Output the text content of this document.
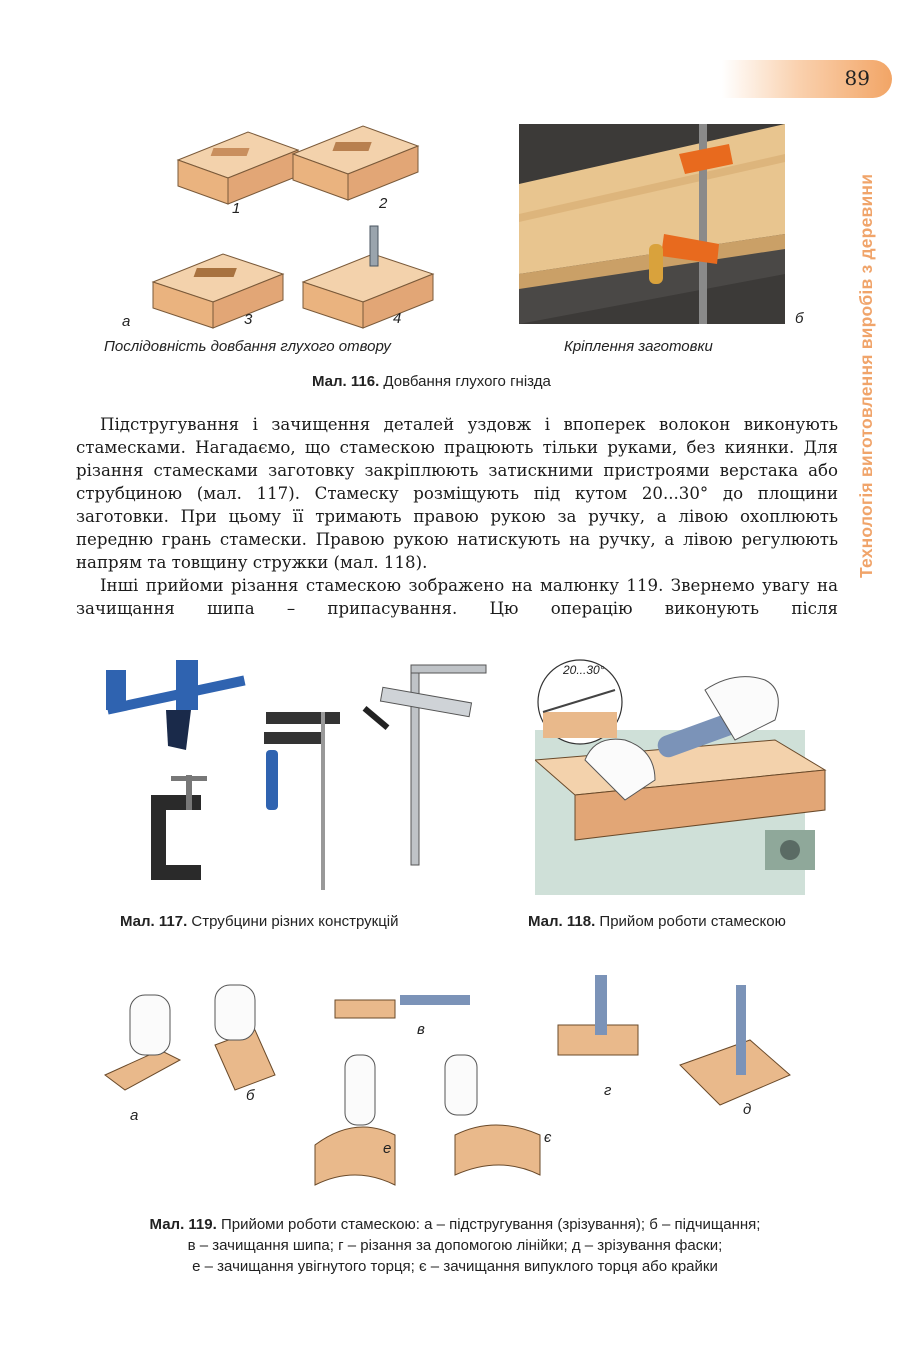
89
Технологія виготовлення виробів з деревини
1	2
3	4
а	б
Послідовність довбання глухого отвору	Кріплення заготовки
Мал. 116. Довбання глухого гнізда

Підстругування і зачищення деталей уздовж і впоперек волокон виконують стамесками. Нагадаємо, що стамескою працюють тільки руками, без киянки. Для різання стамесками заготовку закріплюють затискними пристроями верстака або струбциною (мал. 117). Стамеску розміщують під кутом 20...30° до площини заготовки. При цьому її тримають правою рукою за ручку, а лівою охоплюють передню грань стамески. Правою рукою натискують на ручку, а лівою регулюють напрям та товщину стружки (мал. 118).

Інші прийоми різання стамескою зображено на малюнку 119. Звернемо увагу на зачищання шипа – припасування. Цю операцію виконують після

Мал. 117. Струбцини різних конструкцій
20...30°
Мал. 118. Прийом роботи стамескою
а
б
в
г
д
е
є
Мал. 119. Прийоми роботи стамескою: а – підстругування (зрізування); б – підчищання;
в – зачищання шипа; г – різання за допомогою лінійки; д – зрізування фаски;
е – зачищання увігнутого торця; є – зачищання випуклого торця або крайки
